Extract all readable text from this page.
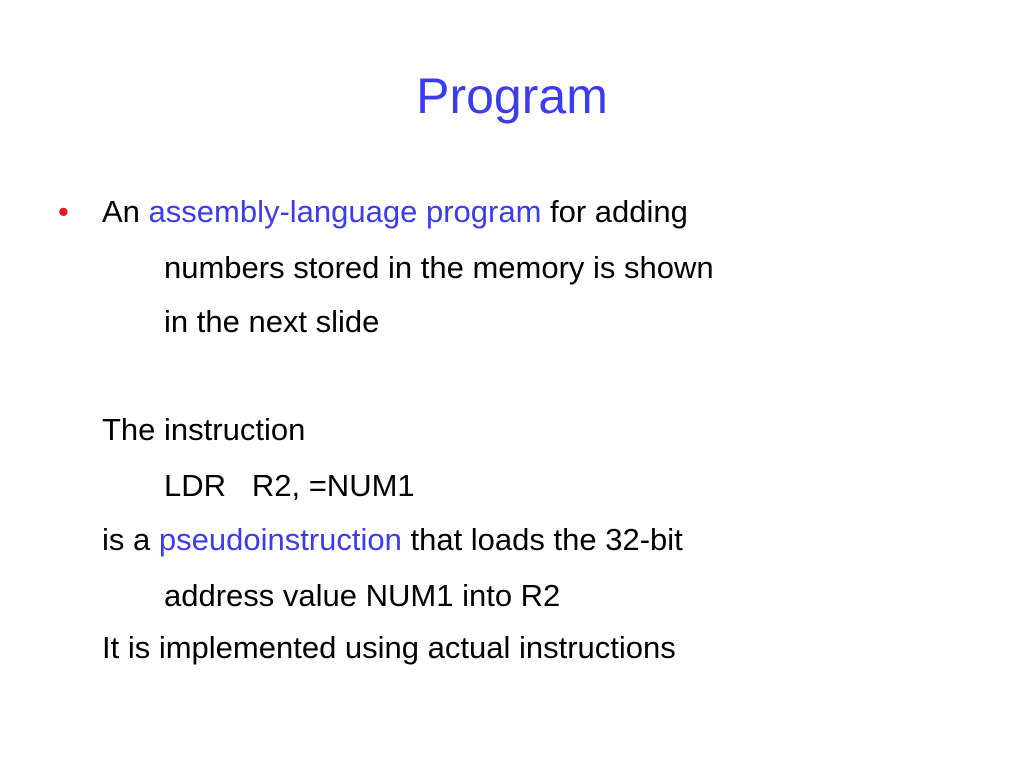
Program
• An assembly-language program for adding
numbers stored in the memory is shown
in the next slide
The instruction
LDR   R2, =NUM1
is a pseudoinstruction that loads the 32-bit
address value NUM1 into R2
It is implemented using actual instructions
